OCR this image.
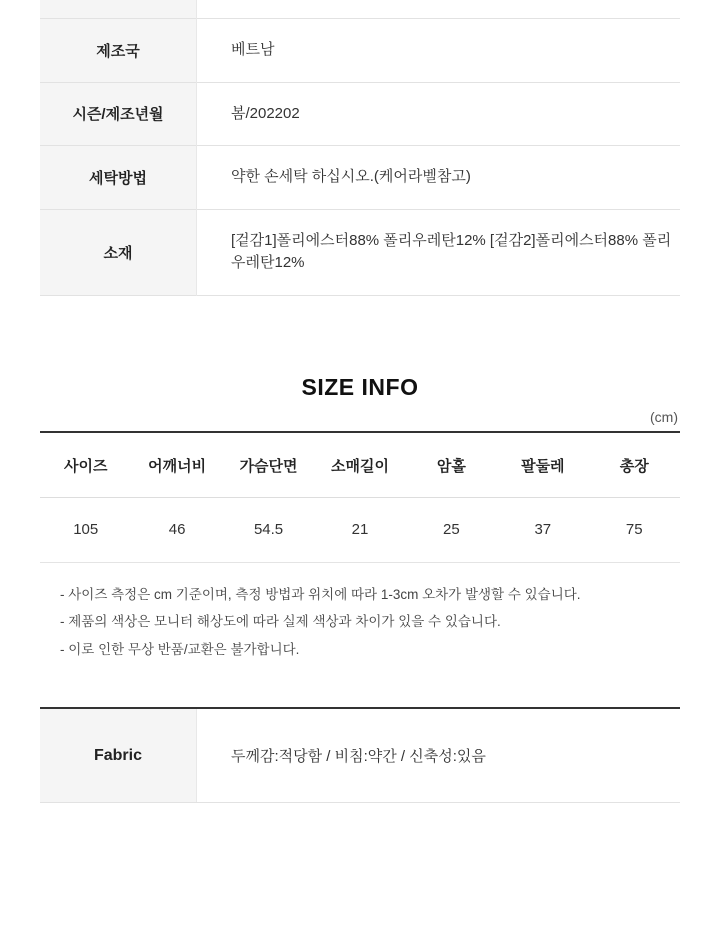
제조국	베트남
시즌/제조년월	봄/202202
세탁방법	약한 손세탁 하십시오.(케어라벨참고)
소재	[겉감1]폴리에스터88% 폴리우레탄12% [겉감2]폴리에스터88% 폴리우레탄12%
SIZE INFO
(cm)
사이즈	어깨너비	가슴단면	소매길이	암홀	팔둘레	총장
105	46	54.5	21	25	37	75

- 사이즈 측정은 cm 기준이며, 측정 방법과 위치에 따라 1-3cm 오차가 발생할 수 있습니다.

- 제품의 색상은 모니터 해상도에 따라 실제 색상과 차이가 있을 수 있습니다.

- 이로 인한 무상 반품/교환은 불가합니다.

Fabric	두께감:적당함 / 비침:약간 / 신축성:있음
